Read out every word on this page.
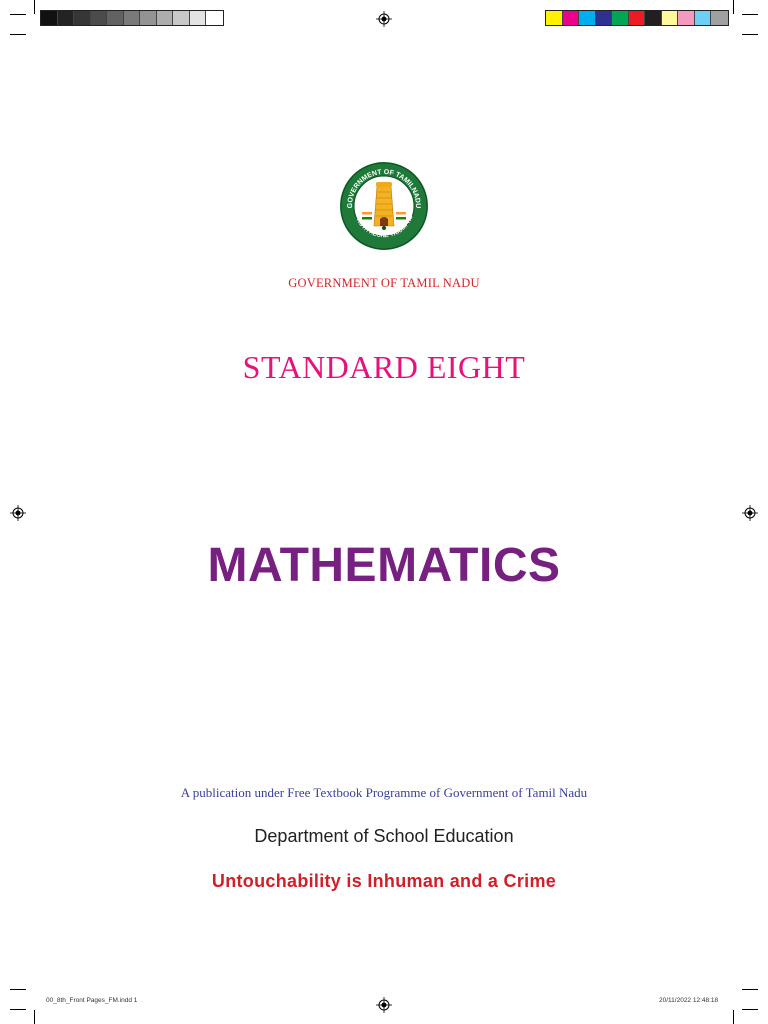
GOVERNMENT OF TAMILNADU
RUTH ALONE TRIUMPHS
GOVERNMENT OF TAMIL NADU
STANDARD EIGHT
MATHEMATICS
A publication under Free Textbook Programme of Government of Tamil Nadu
Department of School Education
Untouchability is Inhuman and a Crime
00_8th_Front Pages_FM.indd 1	20/11/2022 12:48:18
